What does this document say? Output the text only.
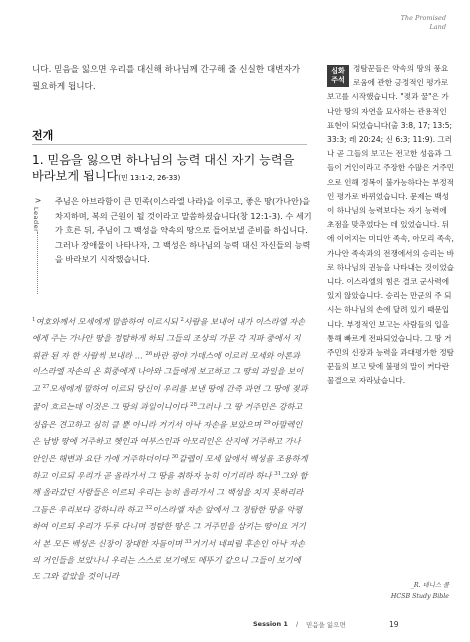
The Promised
Land

니다. 믿음을 잃으면 우리를 대신해 하나님께 간구해 줄 신실한 대변자가 필요하게 됩니다.

전개

1. 믿음을 잃으면 하나님의 능력 대신 자기 능력을 바라보게 됩니다(민 13:1-2, 26-33)

>
Leader

주님은 아브라함이 큰 민족(이스라엘 나라)을 이루고, 좋은 땅(가나안)을 차지하며, 복의 근원이 될 것이라고 말씀하셨습니다(창 12:1-3). 수 세기가 흐른 뒤, 주님이 그 백성을 약속의 땅으로 들어보낼 준비를 하십니다. 그러나 장애물이 나타나자, 그 백성은 하나님의 능력 대신 자신들의 능력을 바라보기 시작했습니다.

$^1$여호와께서 모세에게 말씀하여 이르시되 $^2$사람을 보내어 내가 이스라엘 자손에게 주는 가나안 땅을 정탐하게 하되 그들의 조상의 가문 각 지파 중에서 지휘관 된 자 한 사람씩 보내라 … $^{26}$바란 광야 가데스에 이르러 모세와 아론과 이스라엘 자손의 온 회중에게 나아와 그들에게 보고하고 그 땅의 과일을 보이고 $^{27}$모세에게 말하여 이르되 당신이 우리를 보낸 땅에 간즉 과연 그 땅에 젖과 꿀이 흐르는데 이것은 그 땅의 과일이니이다 $^{28}$그러나 그 땅 거주민은 강하고 성읍은 견고하고 심히 클 뿐 아니라 거기서 아낙 자손을 보았으며 $^{29}$아말렉인은 남방 땅에 거주하고 헷인과 여부스인과 아모리인은 산지에 거주하고 가나안인은 해변과 요단 가에 거주하더이다 $^{30}$갈렙이 모세 앞에서 백성을 조용하게 하고 이르되 우리가 곧 올라가서 그 땅을 취하자 능히 이기리라 하나 $^{31}$그와 함께 올라갔던 사람들은 이르되 우리는 능히 올라가서 그 백성을 치지 못하리라 그들은 우리보다 강하니라 하고 $^{32}$이스라엘 자손 앞에서 그 정탐한 땅을 악평하여 이르되 우리가 두루 다니며 정탐한 땅은 그 거주민을 삼키는 땅이요 거기서 본 모든 백성은 신장이 장대한 자들이며 $^{33}$거기서 네피림 후손인 아낙 자손의 거인들을 보았나니 우리는 스스로 보기에도 메뚜기 같으니 그들이 보기에도 그와 같았을 것이니라

심화
주석

정탐꾼들은 약속의 땅의 풍요로움에 관한 긍정적인 평가로 보고를 시작했습니다. "젖과 꿀"은 가나안 땅의 자연을 묘사하는 관용적인 표현이 되었습니다(출 3:8, 17; 13:5; 33:3; 레 20:24; 신 6:3; 11:9). 그러나 곧 그들의 보고는 전고한 성읍과 그들이 거인이라고 주장한 수많은 거주민으로 인해 정복이 불가능하다는 부정적인 평가로 바뀌었습니다. 문제는 백성이 하나님의 능력보다는 자기 능력에 초점을 맞추었다는 데 있었습니다. 뒤에 이어지는 미디안 족속, 아모리 족속, 가나안 족속과의 전쟁에서의 승리는 바로 하나님의 권능을 나타내는 것이었습니다. 이스라엘의 힘은 결코 군사력에 있지 않았습니다. 승리는 만군의 주 되시는 하나님의 손에 달려 있기 때문입니다. 부정적인 보고는 사람들의 입을 통해 빠르게 전파되었습니다. 그 땅 거주민의 신장과 능력을 과대평가한 정탐꾼들의 보고 탓에 불평의 말이 커다란 물결으로 자라났습니다.

_R. 데니스 콜
HCSB Study Bible
Session 1 / 믿음을 잃으면	19
